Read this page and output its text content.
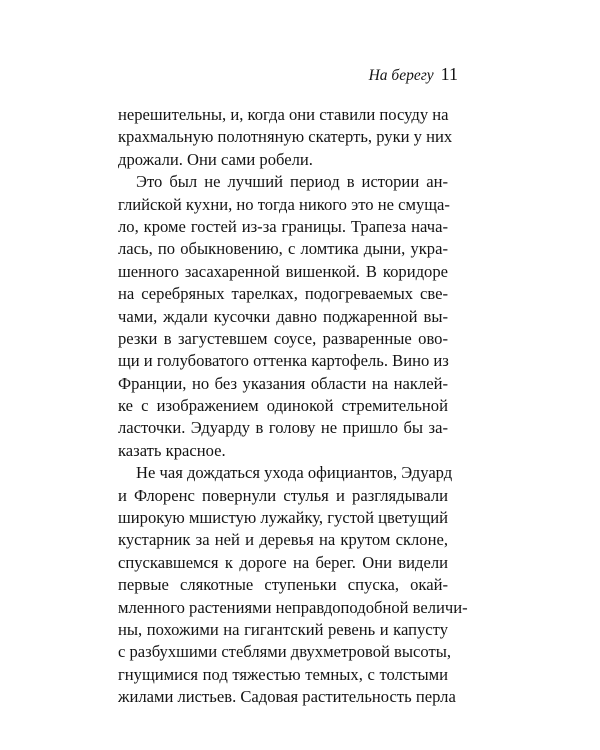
На берегу 11
нерешительны, и, когда они ставили посуду на
крахмальную полотняную скатерть, руки у них
дрожали. Они сами робели.
Это был не лучший период в истории ан-
глийской кухни, но тогда никого это не смуща-
ло, кроме гостей из-за границы. Трапеза нача-
лась, по обыкновению, с ломтика дыни, укра-
шенного засахаренной вишенкой. В коридоре
на серебряных тарелках, подогреваемых све-
чами, ждали кусочки давно поджаренной вы-
резки в загустевшем соусе, разваренные ово-
щи и голубоватого оттенка картофель. Вино из
Франции, но без указания области на наклей-
ке с изображением одинокой стремительной
ласточки. Эдуарду в голову не пришло бы за-
казать красное.
Не чая дождаться ухода официантов, Эдуард
и Флоренс повернули стулья и разглядывали
широкую мшистую лужайку, густой цветущий
кустарник за ней и деревья на крутом склоне,
спускавшемся к дороге на берег. Они видели
первые слякотные ступеньки спуска, окай-
мленного растениями неправдоподобной величи-
ны, похожими на гигантский ревень и капусту
с разбухшими стеблями двухметровой высоты,
гнущимися под тяжестью темных, с толстыми
жилами листьев. Садовая растительность перла
